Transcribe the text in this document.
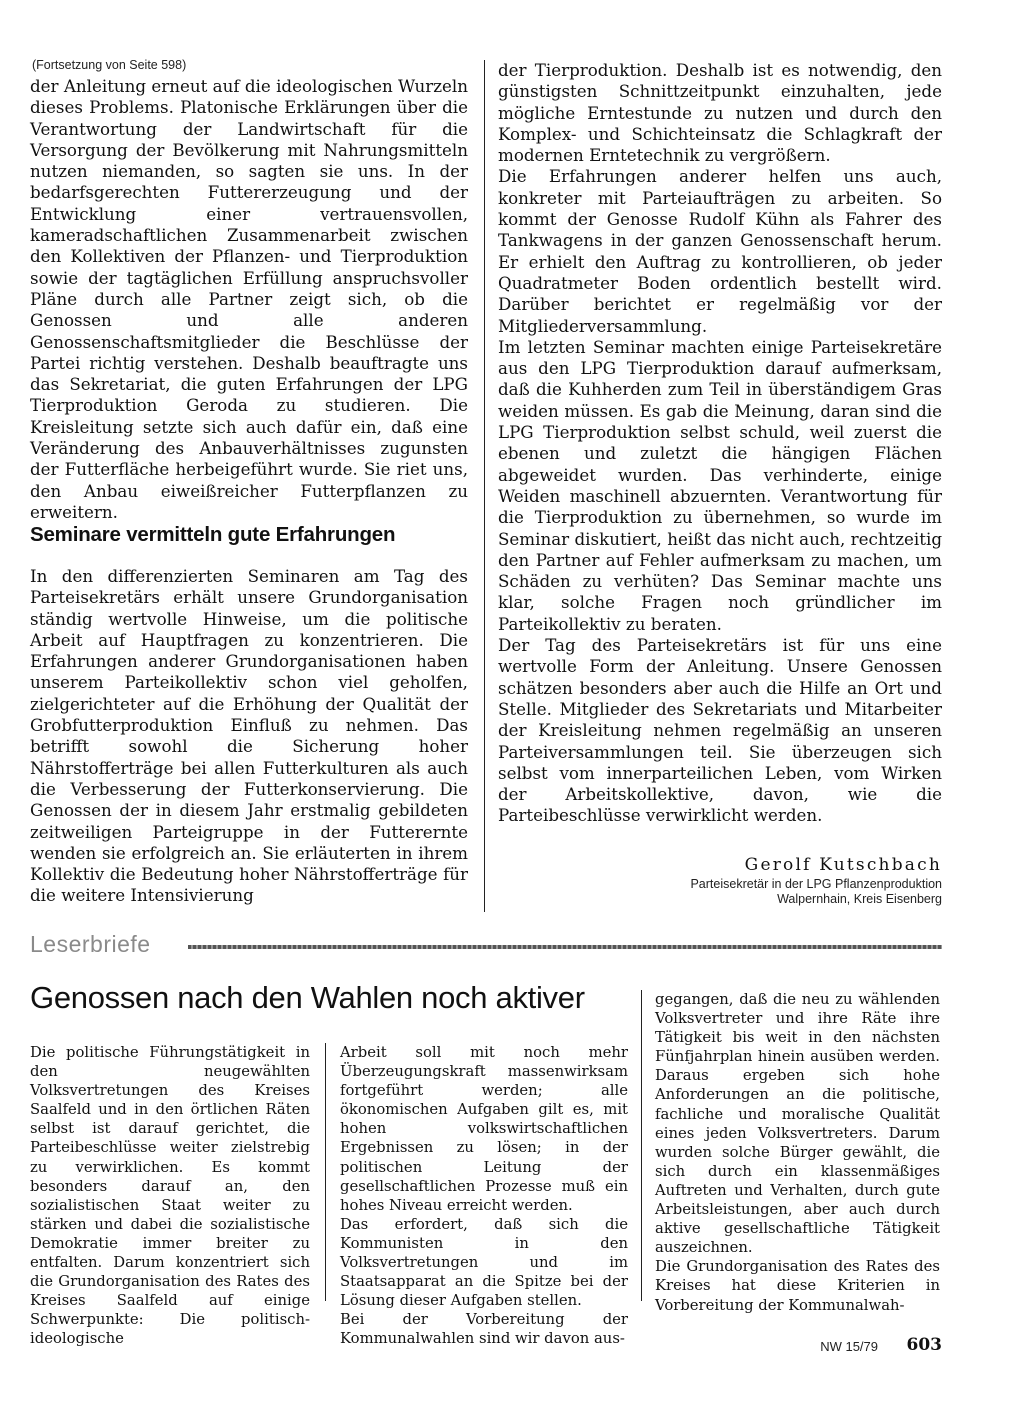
(Fortsetzung von Seite 598)

der Anleitung erneut auf die ideologischen Wurzeln dieses Problems. Platonische Erklärungen über die Verantwortung der Landwirtschaft für die Versorgung der Bevölkerung mit Nahrungsmitteln nutzen niemanden, so sagten sie uns. In der bedarfsgerechten Futtererzeugung und der Entwicklung einer vertrauensvollen, kameradschaftlichen Zusammenarbeit zwischen den Kollektiven der Pflanzen- und Tierproduktion sowie der tagtäglichen Erfüllung anspruchsvoller Pläne durch alle Partner zeigt sich, ob die Genossen und alle anderen Genossenschaftsmitglieder die Beschlüsse der Partei richtig verstehen. Deshalb beauftragte uns das Sekretariat, die guten Erfahrungen der LPG Tierproduktion Geroda zu studieren. Die Kreisleitung setzte sich auch dafür ein, daß eine Veränderung des Anbauverhältnisses zugunsten der Futterfläche herbeigeführt wurde. Sie riet uns, den Anbau eiweißreicher Futterpflanzen zu erweitern.

Seminare vermitteln gute Erfahrungen

In den differenzierten Seminaren am Tag des Parteisekretärs erhält unsere Grundorganisation ständig wertvolle Hinweise, um die politische Arbeit auf Hauptfragen zu konzentrieren. Die Erfahrungen anderer Grundorganisationen haben unserem Parteikollektiv schon viel geholfen, zielgerichteter auf die Erhöhung der Qualität der Grobfutterproduktion Einfluß zu nehmen. Das betrifft sowohl die Sicherung hoher Nährstofferträge bei allen Futterkulturen als auch die Verbesserung der Futterkonservierung. Die Genossen der in diesem Jahr erstmalig gebildeten zeitweiligen Parteigruppe in der Futterernte wenden sie erfolgreich an. Sie erläuterten in ihrem Kollektiv die Bedeutung hoher Nährstofferträge für die weitere Intensivierung

der Tierproduktion. Deshalb ist es notwendig, den günstigsten Schnittzeitpunkt einzuhalten, jede mögliche Erntestunde zu nutzen und durch den Komplex- und Schichteinsatz die Schlagkraft der modernen Erntetechnik zu vergrößern.

Die Erfahrungen anderer helfen uns auch, konkreter mit Parteiaufträgen zu arbeiten. So kommt der Genosse Rudolf Kühn als Fahrer des Tankwagens in der ganzen Genossenschaft herum. Er erhielt den Auftrag zu kontrollieren, ob jeder Quadratmeter Boden ordentlich bestellt wird. Darüber berichtet er regelmäßig vor der Mitgliederversammlung.

Im letzten Seminar machten einige Parteisekretäre aus den LPG Tierproduktion darauf aufmerksam, daß die Kuhherden zum Teil in überständigem Gras weiden müssen. Es gab die Meinung, daran sind die LPG Tierproduktion selbst schuld, weil zuerst die ebenen und zuletzt die hängigen Flächen abgeweidet wurden. Das verhinderte, einige Weiden maschinell abzuernten. Verantwortung für die Tierproduktion zu übernehmen, so wurde im Seminar diskutiert, heißt das nicht auch, rechtzeitig den Partner auf Fehler aufmerksam zu machen, um Schäden zu verhüten? Das Seminar machte uns klar, solche Fragen noch gründlicher im Parteikollektiv zu beraten.

Der Tag des Parteisekretärs ist für uns eine wertvolle Form der Anleitung. Unsere Genossen schätzen besonders aber auch die Hilfe an Ort und Stelle. Mitglieder des Sekretariats und Mitarbeiter der Kreisleitung nehmen regelmäßig an unseren Parteiversammlungen teil. Sie überzeugen sich selbst vom innerparteilichen Leben, vom Wirken der Arbeitskollektive, davon, wie die Parteibeschlüsse verwirklicht werden.

Gerolf Kutschbach
Parteisekretär in der LPG Pflanzenproduktion
Walpernhain, Kreis Eisenberg
Leserbriefe
Genossen nach den Wahlen noch aktiver

Die politische Führungstätigkeit in den neugewählten Volksvertretungen des Kreises Saalfeld und in den örtlichen Räten selbst ist darauf gerichtet, die Parteibeschlüsse weiter zielstrebig zu verwirklichen. Es kommt besonders darauf an, den sozialistischen Staat weiter zu stärken und dabei die sozialistische Demokratie immer breiter zu entfalten. Darum konzentriert sich die Grundorganisation des Rates des Kreises Saalfeld auf einige Schwerpunkte: Die politisch-ideologische

Arbeit soll mit noch mehr Überzeugungskraft massenwirksam fortgeführt werden; alle ökonomischen Aufgaben gilt es, mit hohen volkswirtschaftlichen Ergebnissen zu lösen; in der politischen Leitung der gesellschaftlichen Prozesse muß ein hohes Niveau erreicht werden.

Das erfordert, daß sich die Kommunisten in den Volksvertretungen und im Staatsapparat an die Spitze bei der Lösung dieser Aufgaben stellen.

Bei der Vorbereitung der Kommunalwahlen sind wir davon aus-

gegangen, daß die neu zu wählenden Volksvertreter und ihre Räte ihre Tätigkeit bis weit in den nächsten Fünfjahrplan hinein ausüben werden. Daraus ergeben sich hohe Anforderungen an die politische, fachliche und moralische Qualität eines jeden Volksvertreters. Darum wurden solche Bürger gewählt, die sich durch ein klassenmäßiges Auftreten und Verhalten, durch gute Arbeitsleistungen, aber auch durch aktive gesellschaftliche Tätigkeit auszeichnen.

Die Grundorganisation des Rates des Kreises hat diese Kriterien in Vorbereitung der Kommunalwah-

NW 15/79 603
